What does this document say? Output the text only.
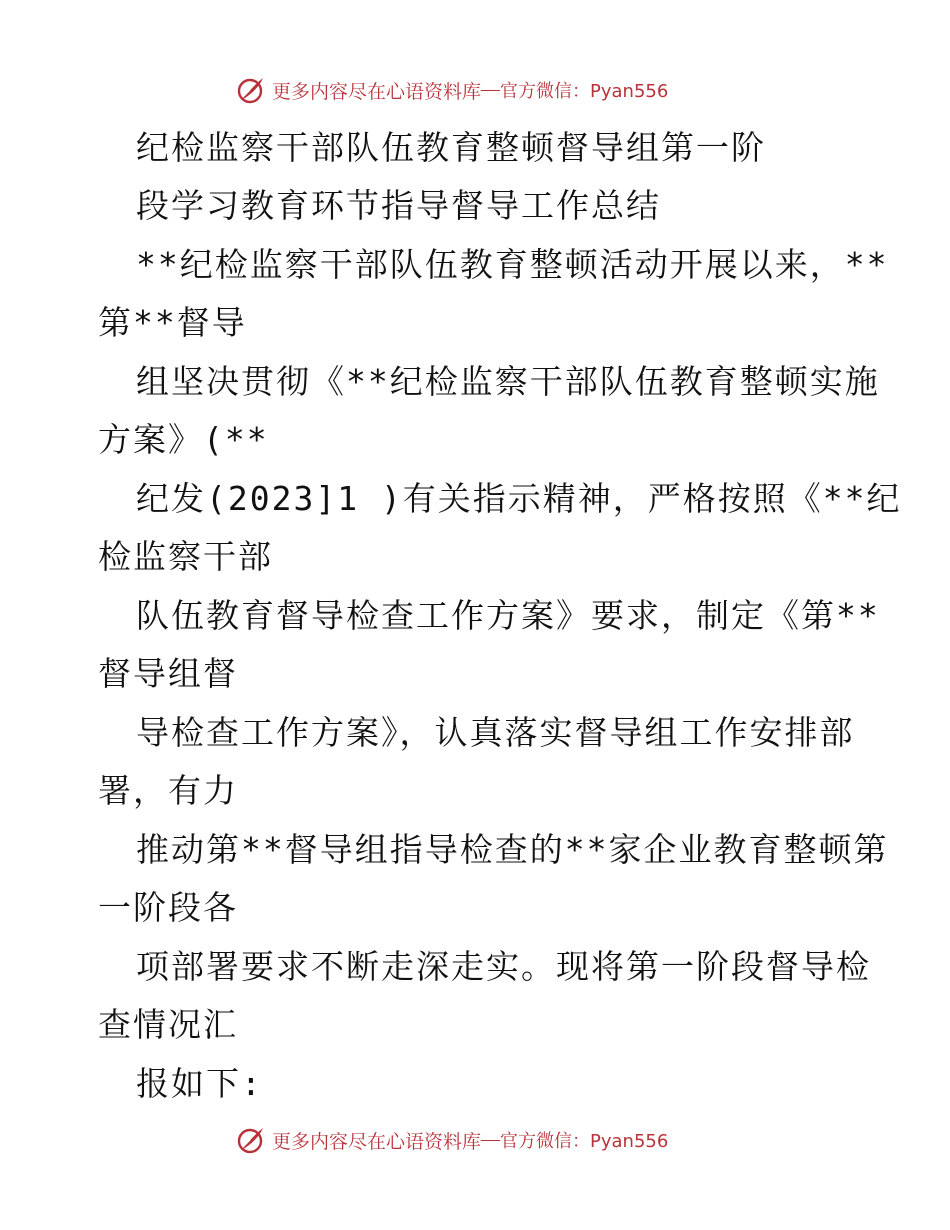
更多内容尽在心语资料库 — 官方微信：Pyan556
纪检监察干部队伍教育整顿督导组第一阶
段学习教育环节指导督导工作总结
**纪检监察干部队伍教育整顿活动开展以来，**
第**督导
组坚决贯彻《**纪检监察干部队伍教育整顿实施
方案》(**
纪发(2023]1 )有关指示精神，严格按照《**纪
检监察干部
队伍教育督导检查工作方案》要求，制定《第**
督导组督
导检查工作方案》，认真落实督导组工作安排部
署，有力
推动第**督导组指导检查的**家企业教育整顿第
一阶段各
项部署要求不断走深走实。现将第一阶段督导检
查情况汇
报如下:
更多内容尽在心语资料库 — 官方微信：Pyan556
